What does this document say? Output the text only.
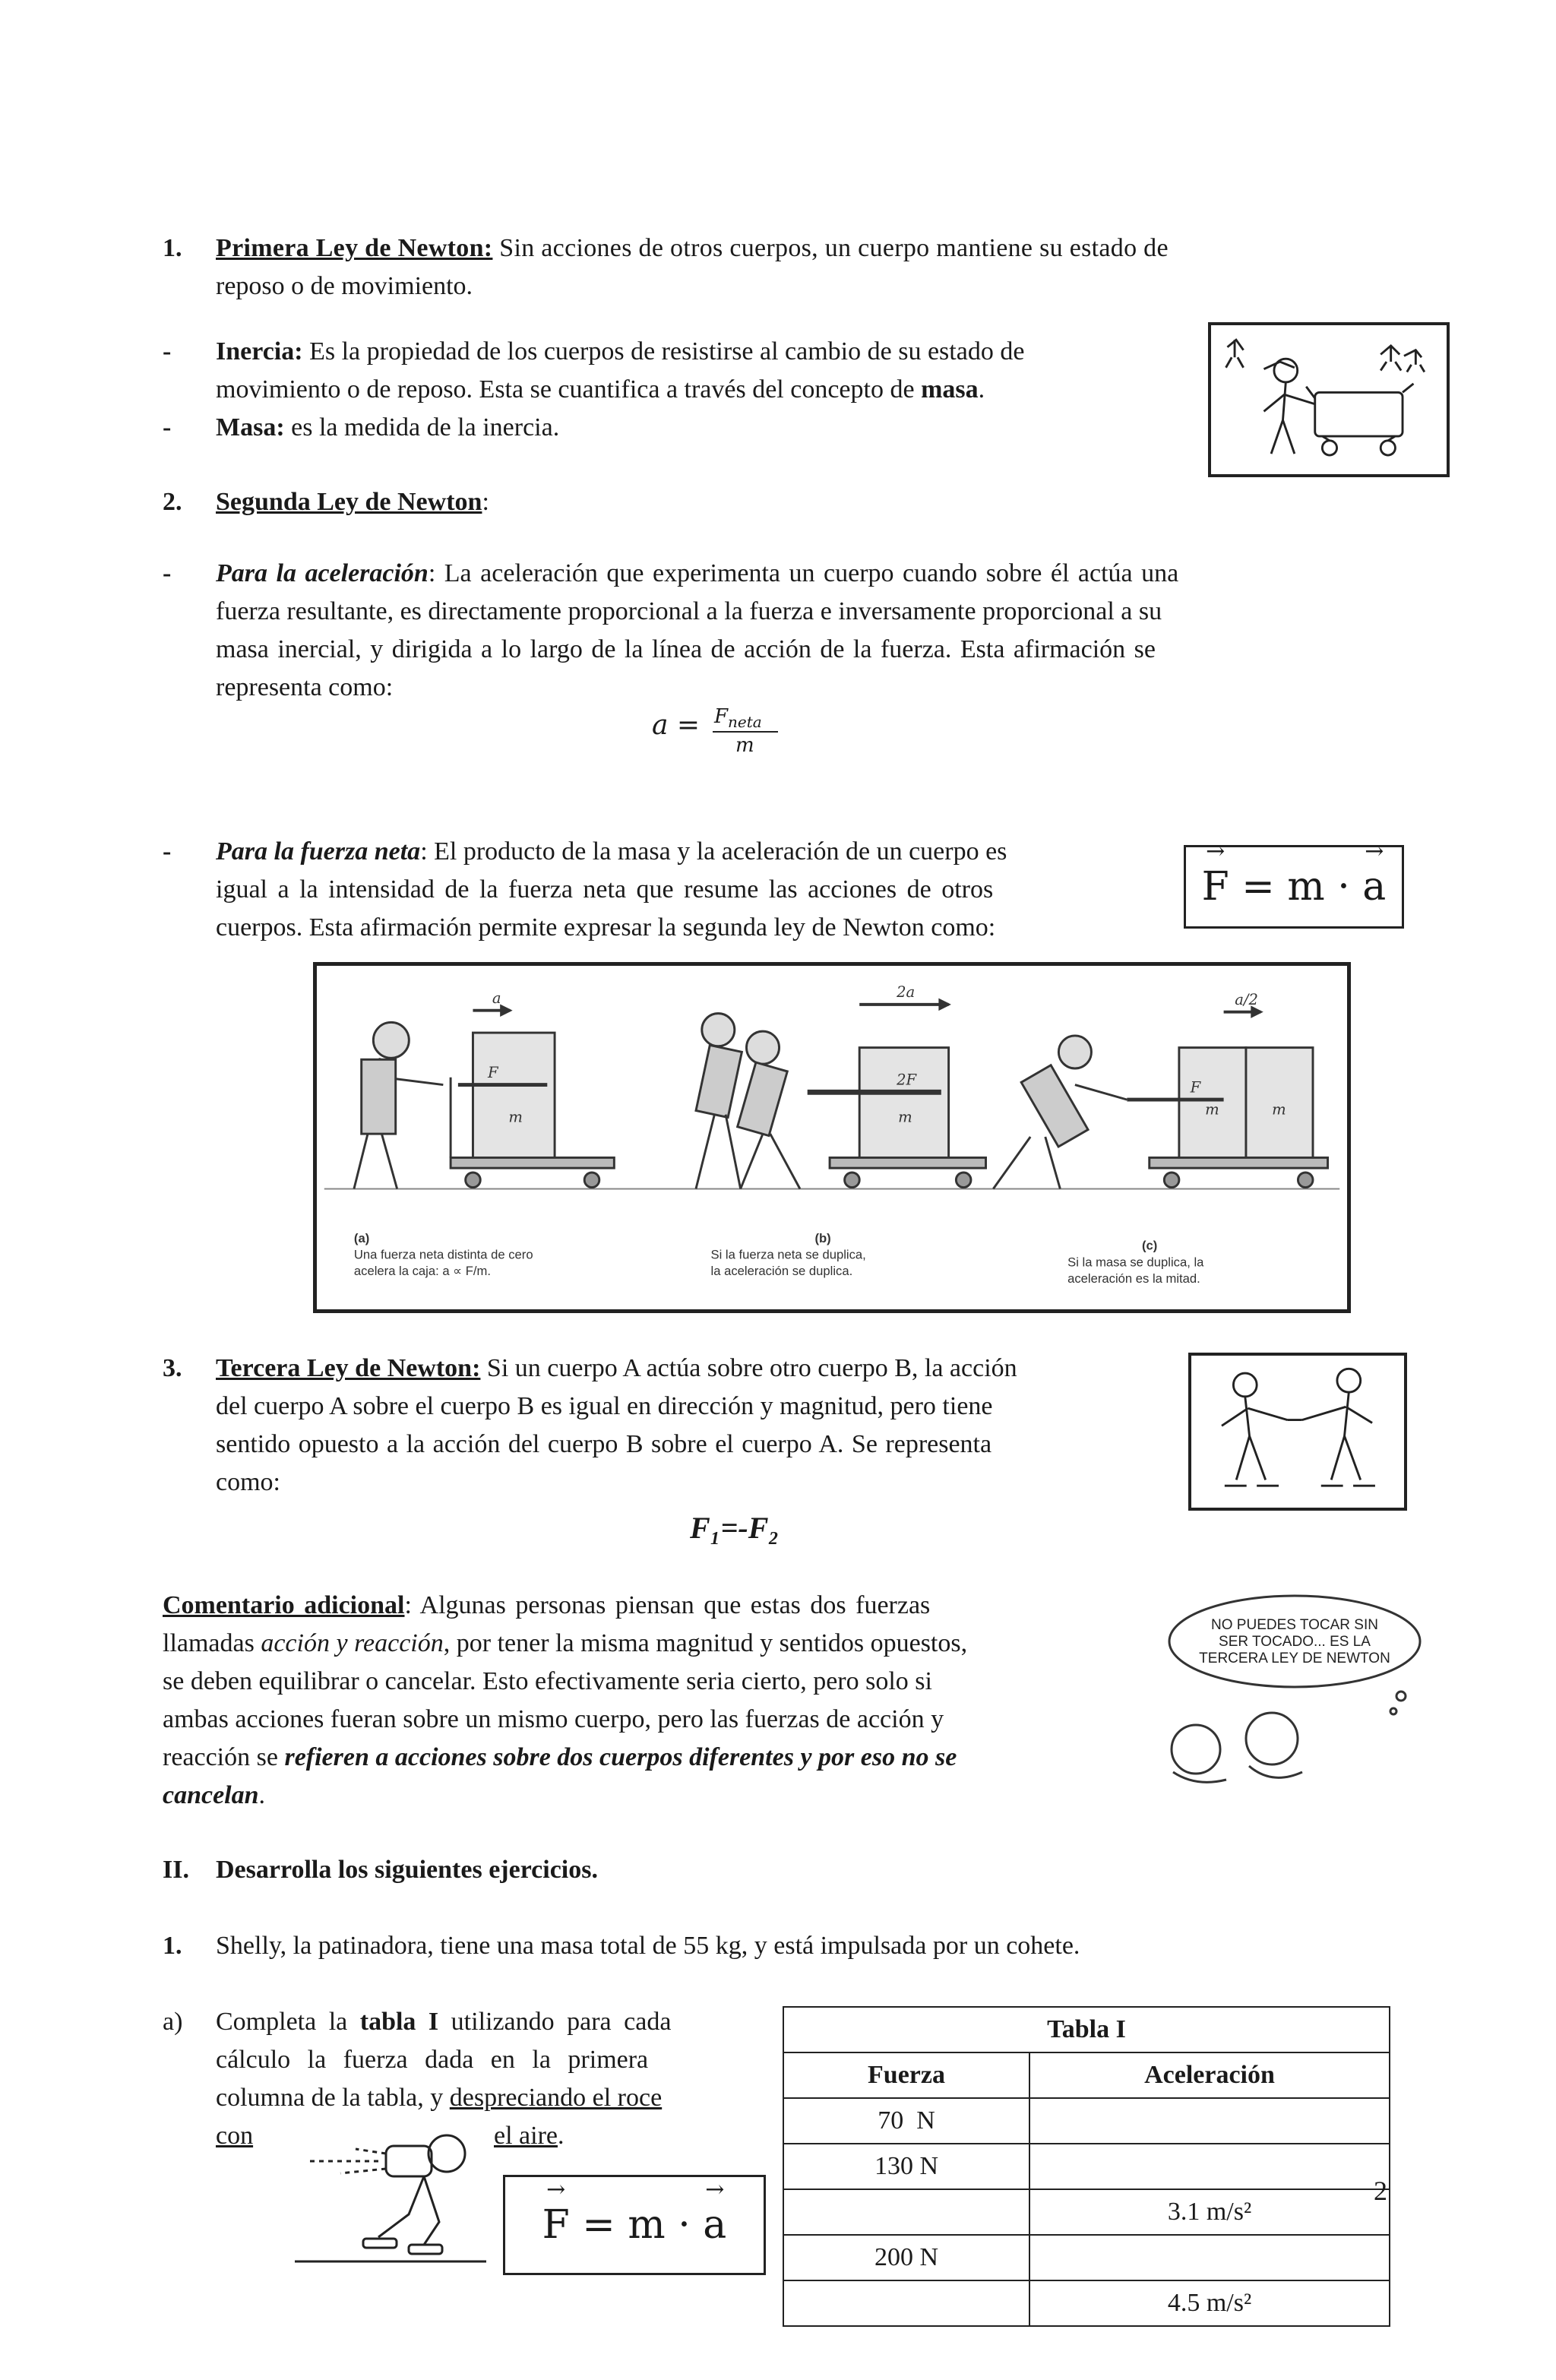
1. Primera Ley de Newton: Sin acciones de otros cuerpos, un cuerpo mantiene su estado de
reposo o de movimiento.
- Inercia: Es la propiedad de los cuerpos de resistirse al cambio de su estado de
movimiento o de reposo. Esta se cuantifica a través del concepto de masa.
- Masa: es la medida de la inercia.
2. Segunda Ley de Newton:
- Para la aceleración: La aceleración que experimenta un cuerpo cuando sobre él actúa una
fuerza resultante, es directamente proporcional a la fuerza e inversamente proporcional a su
masa inercial, y dirigida a lo largo de la línea de acción de la fuerza. Esta afirmación se
representa como:
$a = F_{neta}$
m
- Para la fuerza neta: El producto de la masa y la aceleración de un cuerpo es
igual a la intensidad de la fuerza neta que resume las acciones de otros
cuerpos. Esta afirmación permite expresar la segunda ley de Newton como:
→ F = m · → a
a	2a	a/2
F	2F	F
m	m	m	m
(a)
Una fuerza neta distinta de cero
acelera la caja: a ∝ F/m.
(b)
Si la fuerza neta se duplica,
la aceleración se duplica.
(c)
Si la masa se duplica, la
aceleración es la mitad.
3. Tercera Ley de Newton: Si un cuerpo A actúa sobre otro cuerpo B, la acción
del cuerpo A sobre el cuerpo B es igual en dirección y magnitud, pero tiene
sentido opuesto a la acción del cuerpo B sobre el cuerpo A. Se representa
como:
F₁=-F₂
Comentario adicional: Algunas personas piensan que estas dos fuerzas
llamadas acción y reacción, por tener la misma magnitud y sentidos opuestos,
se deben equilibrar o cancelar. Esto efectivamente seria cierto, pero solo si
ambas acciones fueran sobre un mismo cuerpo, pero las fuerzas de acción y
reacción se refieren a acciones sobre dos cuerpos diferentes y por eso no se
cancelan.
NO PUEDES TOCAR SIN
SER TOCADO... ES LA
TERCERA LEY DE NEWTON
II. Desarrolla los siguientes ejercicios.
1. Shelly, la patinadora, tiene una masa total de 55 kg, y está impulsada por un cohete.
a) Completa la tabla I utilizando para cada
cálculo la fuerza dada en la primera
columna de la tabla, y despreciando el roce
con	el aire.
→ F = m · → a
Tabla I	
Fuerza	Aceleración
70  N	
130 N	
	3.1 m/s²
200 N	
	4.5 m/s²
2
